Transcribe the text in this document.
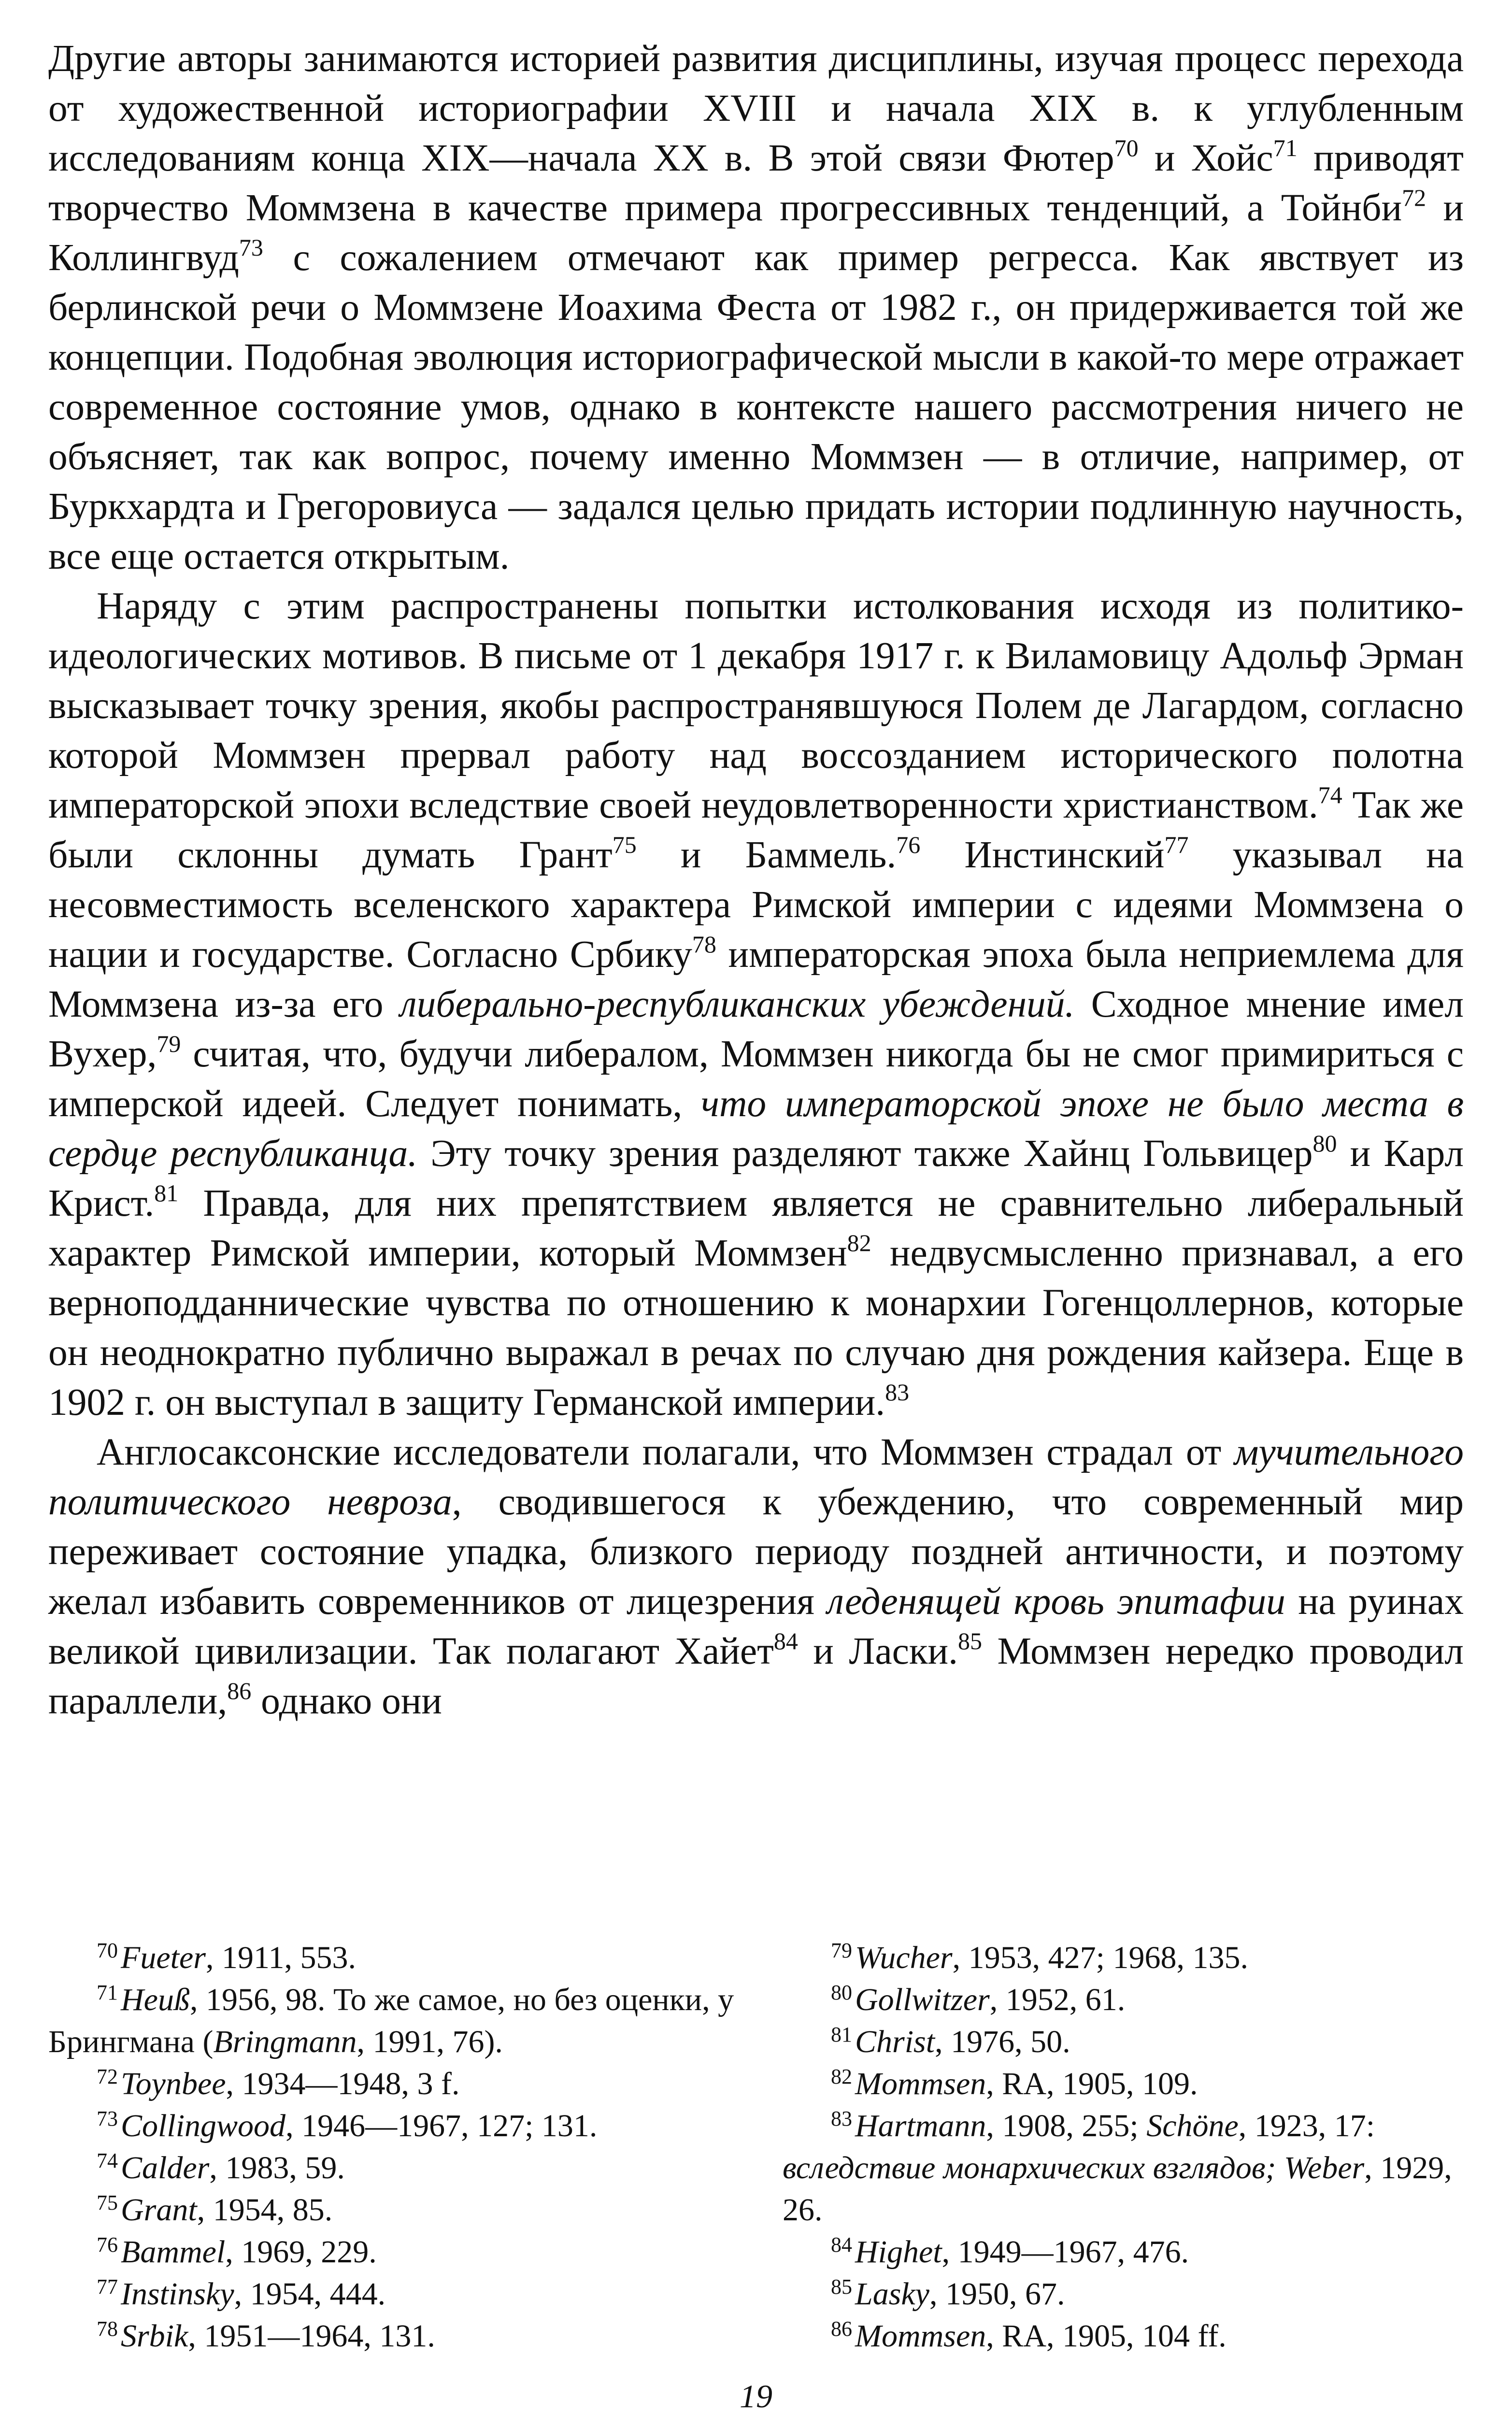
Другие авторы занимаются историей развития дисциплины, изучая процесс перехода от художественной историографии XVIII и начала XIX в. к углубленным исследованиям конца XIX—начала XX в. В этой связи Фютер$^{70}$ и Хойс$^{71}$ приводят творчество Моммзена в качестве примера прогрессивных тенденций, а Тойнби$^{72}$ и Коллингвуд$^{73}$ с сожалением отмечают как пример регресса. Как явствует из берлинской речи о Моммзене Иоахима Феста от 1982 г., он придерживается той же концепции. Подобная эволюция историографической мысли в какой-то мере отражает современное состояние умов, однако в контексте нашего рассмотрения ничего не объясняет, так как вопрос, почему именно Моммзен — в отличие, например, от Буркхардта и Грегоровиуса — задался целью придать истории подлинную научность, все еще остается открытым.

Наряду с этим распространены попытки истолкования исходя из политико-идеологических мотивов. В письме от 1 декабря 1917 г. к Виламовицу Адольф Эрман высказывает точку зрения, якобы распространявшуюся Полем де Лагардом, согласно которой Моммзен прервал работу над воссозданием исторического полотна императорской эпохи вследствие своей неудовлетворенности христианством.$^{74}$ Так же были склонны думать Грант$^{75}$ и Баммель.$^{76}$ Инстинский$^{77}$ указывал на несовместимость вселенского характера Римской империи с идеями Моммзена о нации и государстве. Согласно Србику$^{78}$ императорская эпоха была неприемлема для Моммзена из-за его либерально-республиканских убеждений. Сходное мнение имел Вухер,$^{79}$ считая, что, будучи либералом, Моммзен никогда бы не смог примириться с имперской идеей. Следует понимать, что императорской эпохе не было места в сердце республиканца. Эту точку зрения разделяют также Хайнц Гольвицер$^{80}$ и Карл Крист.$^{81}$ Правда, для них препятствием является не сравнительно либеральный характер Римской империи, который Моммзен$^{82}$ недвусмысленно признавал, а его верноподданнические чувства по отношению к монархии Гогенцоллернов, которые он неоднократно публично выражал в речах по случаю дня рождения кайзера. Еще в 1902 г. он выступал в защиту Германской империи.$^{83}$

Англосаксонские исследователи полагали, что Моммзен страдал от мучительного политического невроза, сводившегося к убеждению, что современный мир переживает состояние упадка, близкого периоду поздней античности, и поэтому желал избавить современников от лицезрения леденящей кровь эпитафии на руинах великой цивилизации. Так полагают Хайет$^{84}$ и Ласки.$^{85}$ Моммзен нередко проводил параллели,$^{86}$ однако они

$^{70}$Fueter, 1911, 553.
$^{71}$Heuß, 1956, 98. То же самое, но без оценки, у Брингмана (Bringmann, 1991, 76).
$^{72}$Toynbee, 1934—1948, 3 f.
$^{73}$Collingwood, 1946—1967, 127; 131.
$^{74}$Calder, 1983, 59.
$^{75}$Grant, 1954, 85.
$^{76}$Bammel, 1969, 229.
$^{77}$Instinsky, 1954, 444.
$^{78}$Srbik, 1951—1964, 131.
$^{79}$Wucher, 1953, 427; 1968, 135.
$^{80}$Gollwitzer, 1952, 61.
$^{81}$Christ, 1976, 50.
$^{82}$Mommsen, RA, 1905, 109.
$^{83}$Hartmann, 1908, 255; Schöne, 1923, 17: вследствие монархических взглядов; Weber, 1929, 26.
$^{84}$Highet, 1949—1967, 476.
$^{85}$Lasky, 1950, 67.
$^{86}$Mommsen, RA, 1905, 104 ff.
19
